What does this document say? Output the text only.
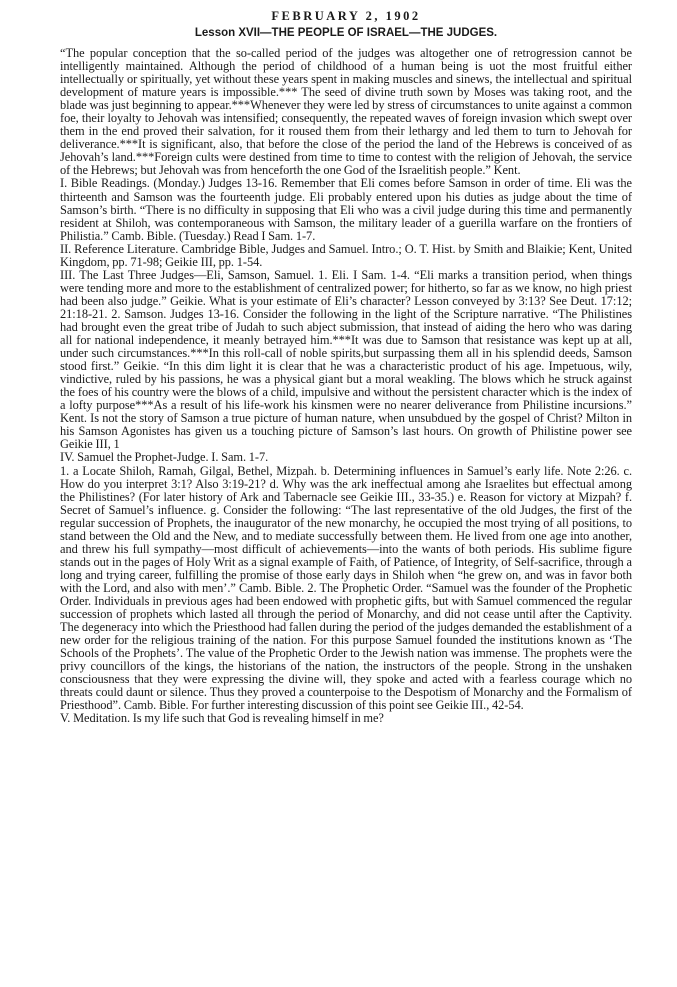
FEBRUARY 2, 1902
Lesson XVII—THE PEOPLE OF ISRAEL—THE JUDGES.

“The popular conception that the so-called period of the judges was altogether one of retrogression cannot be intelligently maintained. Although the period of childhood of a human being is uot the most fruitful either intellectually or spiritually, yet without these years spent in making muscles and sinews, the intellectual and spiritual development of mature years is impossible.*** The seed of divine truth sown by Moses was taking root, and the blade was just beginning to appear.***Whenever they were led by stress of circumstances to unite against a common foe, their loyalty to Jehovah was intensified; consequently, the repeated waves of foreign invasion which swept over them in the end proved their salvation, for it roused them from their lethargy and led them to turn to Jehovah for deliverance.***It is significant, also, that before the close of the period the land of the Hebrews is conceived of as Jehovah’s land.***Foreign cults were destined from time to time to contest with the religion of Jehovah, the service of the Hebrews; but Jehovah was from henceforth the one God of the Israelitish people.” Kent.

I. Bible Readings. (Monday.) Judges 13-16. Remember that Eli comes before Samson in order of time. Eli was the thirteenth and Samson was the fourteenth judge. Eli probably entered upon his duties as judge about the time of Samson’s birth. “There is no difficulty in supposing that Eli who was a civil judge during this time and permanently resident at Shiloh, was contemporaneous with Samson, the military leader of a guerilla warfare on the frontiers of Philistia.” Camb. Bible. (Tuesday.) Read I Sam. 1-7.

II. Reference Literature. Cambridge Bible, Judges and Samuel. Intro.; O. T. Hist. by Smith and Blaikie; Kent, United Kingdom, pp. 71-98; Geikie III, pp. 1-54.

III. The Last Three Judges—Eli, Samson, Samuel. 1. Eli. I Sam. 1-4. “Eli marks a transition period, when things were tending more and more to the establishment of centralized power; for hitherto, so far as we know, no high priest had been also judge.” Geikie. What is your estimate of Eli’s character? Lesson conveyed by 3:13? See Deut. 17:12; 21:18-21. 2. Samson. Judges 13-16. Consider the following in the light of the Scripture narrative. “The Philistines had brought even the great tribe of Judah to such abject submission, that instead of aiding the hero who was daring all for national independence, it meanly betrayed him.***It was due to Samson that resistance was kept up at all, under such circumstances.***In this roll-call of noble spirits,but surpassing them all in his splendid deeds, Samson stood first.” Geikie. “In this dim light it is clear that he was a characteristic product of his age. Impetuous, wily, vindictive, ruled by his passions, he was a physical giant but a moral weakling. The blows which he struck against the foes of his country were the blows of a child, impulsive and without the persistent character which is the index of a lofty purpose***As a result of his life-work his kinsmen were no nearer deliverance from Philistine incursions.” Kent. Is not the story of Samson a true picture of human nature, when unsubdued by the gospel of Christ? Milton in his Samson Agonistes has given us a touching picture of Samson’s last hours. On growth of Philistine power see Geikie III, 1

IV. Samuel the Prophet-Judge. I. Sam. 1-7.

1. a Locate Shiloh, Ramah, Gilgal, Bethel, Mizpah. b. Determining influences in Samuel’s early life. Note 2:26. c. How do you interpret 3:1? Also 3:19-21? d. Why was the ark ineffectual among ahe Israelites but effectual among the Philistines? (For later history of Ark and Tabernacle see Geikie III., 33-35.) e. Reason for victory at Mizpah? f. Secret of Samuel’s influence. g. Consider the following: “The last representative of the old Judges, the first of the regular succession of Prophets, the inaugurator of the new monarchy, he occupied the most trying of all positions, to stand between the Old and the New, and to mediate successfully between them. He lived from one age into another, and threw his full sympathy—most difficult of achievements—into the wants of both periods. His sublime figure stands out in the pages of Holy Writ as a signal example of Faith, of Patience, of Integrity, of Self-sacrifice, through a long and trying career, fulfilling the promise of those early days in Shiloh when “he grew on, and was in favor both with the Lord, and also with men’.” Camb. Bible. 2. The Prophetic Order. “Samuel was the founder of the Prophetic Order. Individuals in previous ages had been endowed with prophetic gifts, but with Samuel commenced the regular succession of prophets which lasted all through the period of Monarchy, and did not cease until after the Captivity. The degeneracy into which the Priesthood had fallen during the period of the judges demanded the establishment of a new order for the religious training of the nation. For this purpose Samuel founded the institutions known as ‘The Schools of the Prophets’. The value of the Prophetic Order to the Jewish nation was immense. The prophets were the privy councillors of the kings, the historians of the nation, the instructors of the people. Strong in the unshaken consciousness that they were expressing the divine will, they spoke and acted with a fearless courage which no threats could daunt or silence. Thus they proved a counterpoise to the Despotism of Monarchy and the Formalism of Priesthood”. Camb. Bible. For further interesting discussion of this point see Geikie III., 42-54.

V. Meditation. Is my life such that God is revealing himself in me?
